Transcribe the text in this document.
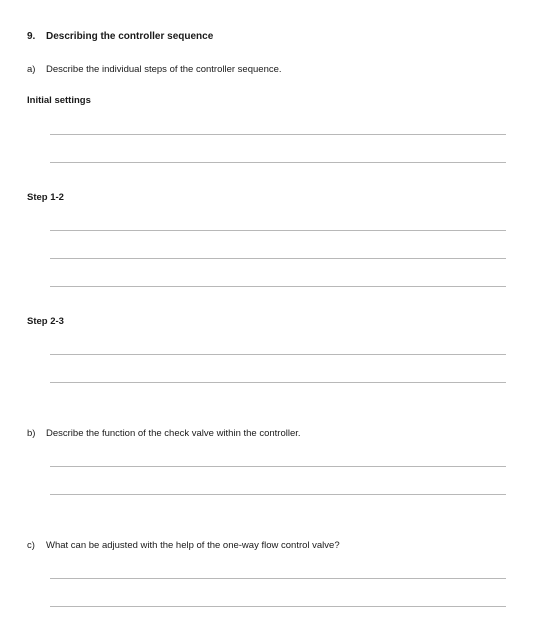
9. Describing the controller sequence
a) Describe the individual steps of the controller sequence.
Initial settings
Step 1-2
Step 2-3
b) Describe the function of the check valve within the controller.
c) What can be adjusted with the help of the one-way flow control valve?
